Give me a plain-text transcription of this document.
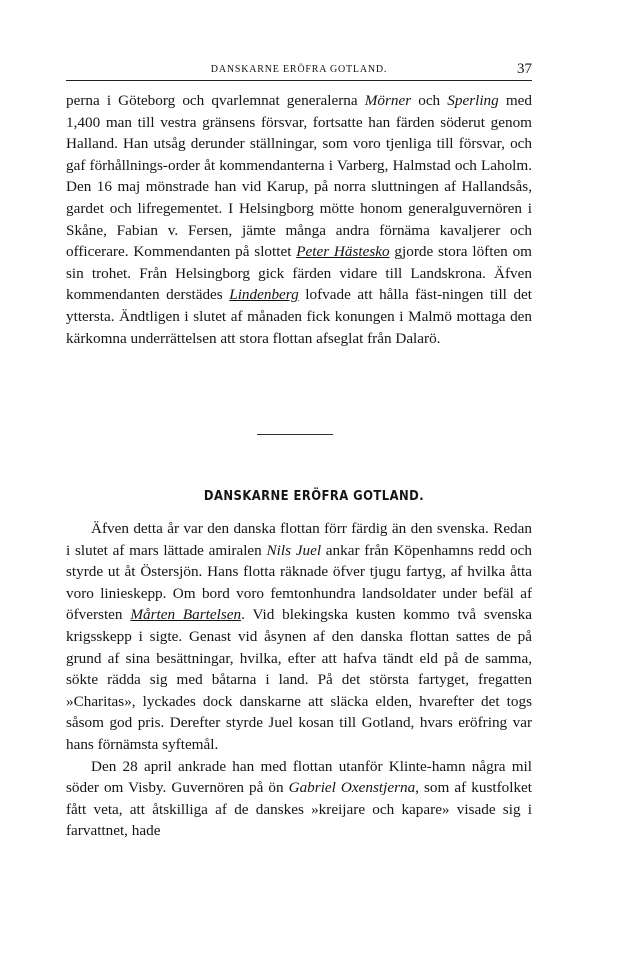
DANSKARNE ERÖFRA GOTLAND.	37

perna i Göteborg och qvarlemnat generalerna Mörner och Sperling med 1,400 man till vestra gränsens försvar, fortsatte han färden söderut genom Halland. Han utsåg derunder ställningar, som voro tjenliga till försvar, och gaf förhållnings-order åt kommendanterna i Varberg, Halmstad och Laholm. Den 16 maj mönstrade han vid Karup, på norra sluttningen af Hallandsås, gardet och lifregementet. I Helsingborg mötte honom generalguvernören i Skåne, Fabian v. Fersen, jämte många andra förnäma kavaljerer och officerare. Kommendanten på slottet Peter Hästesko gjorde stora löften om sin trohet. Från Helsingborg gick färden vidare till Landskrona. Äfven kommendanten derstädes Lindenberg lofvade att hålla fäst-ningen till det yttersta. Ändtligen i slutet af månaden fick konungen i Malmö mottaga den kärkomna underrättelsen att stora flottan afseglat från Dalarö.

DANSKARNE ERÖFRA GOTLAND.

Äfven detta år var den danska flottan förr färdig än den svenska. Redan i slutet af mars lättade amiralen Nils Juel ankar från Köpenhamns redd och styrde ut åt Östersjön. Hans flotta räknade öfver tjugu fartyg, af hvilka åtta voro linieskepp. Om bord voro femtonhundra landsoldater under befäl af öfversten Mårten Bartelsen. Vid blekingska kusten kommo två svenska krigsskepp i sigte. Genast vid åsynen af den danska flottan sattes de på grund af sina besättningar, hvilka, efter att hafva tändt eld på de samma, sökte rädda sig med båtarna i land. På det största fartyget, fregatten »Charitas», lyckades dock danskarne att släcka elden, hvarefter det togs såsom god pris. Derefter styrde Juel kosan till Gotland, hvars eröfring var hans förnämsta syftemål.

Den 28 april ankrade han med flottan utanför Klinte-hamn några mil söder om Visby. Guvernören på ön Gabriel Oxenstjerna, som af kustfolket fått veta, att åtskilliga af de danskes »kreijare och kapare» visade sig i farvattnet, hade
